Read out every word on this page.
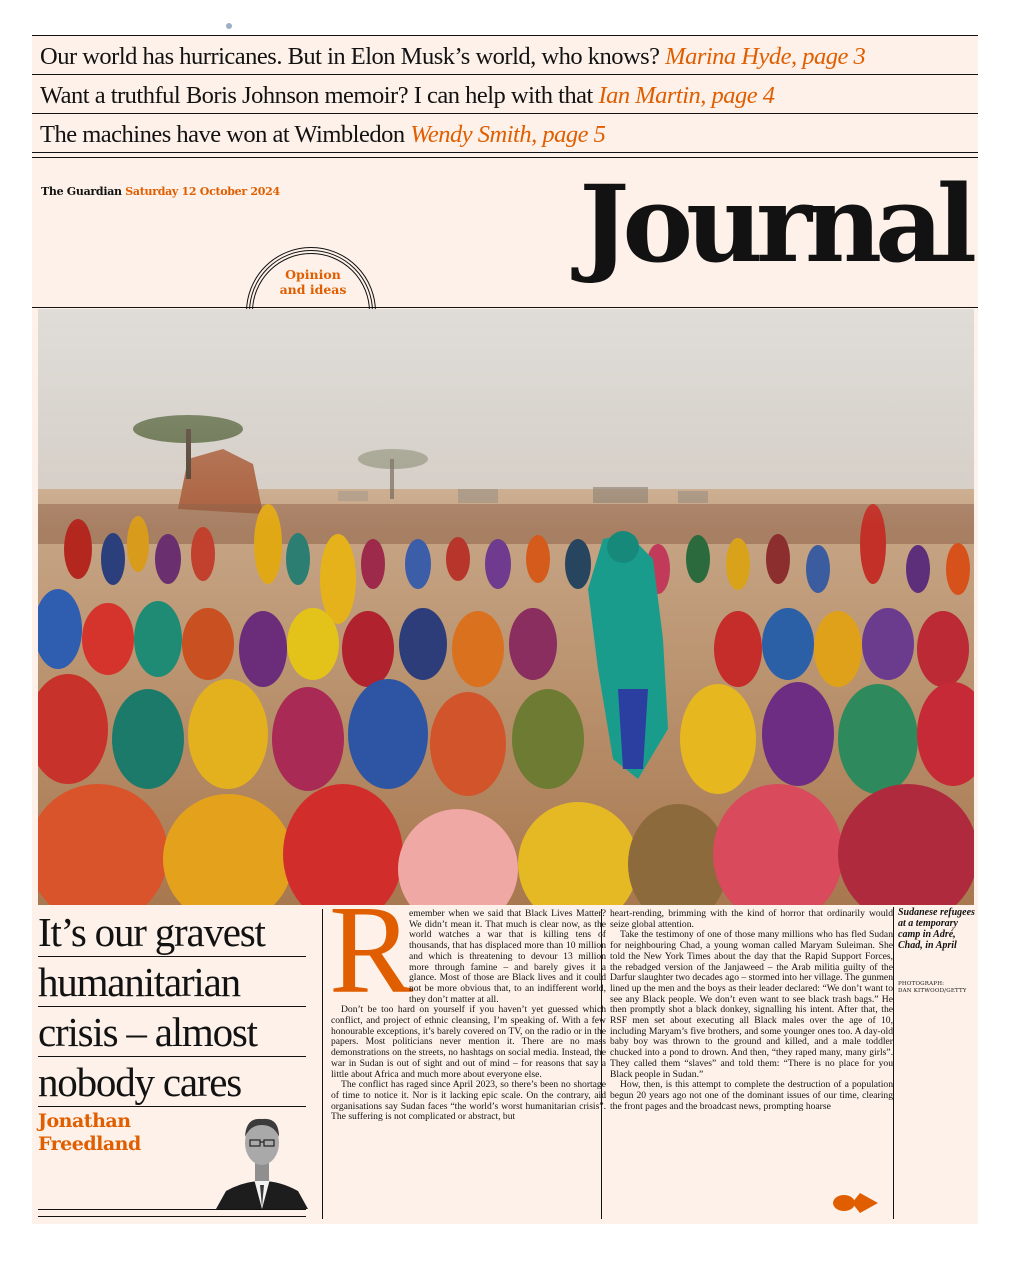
Our world has hurricanes. But in Elon Musk’s world, who knows? Marina Hyde, page 3
Want a truthful Boris Johnson memoir? I can help with that Ian Martin, page 4
The machines have won at Wimbledon Wendy Smith, page 5
The Guardian Saturday 12 October 2024	Journal
Opinion
and ideas
It’s our gravest
humanitarian
crisis – almost
nobody cares
Jonathan
Freedland
R

emember when we said that Black Lives Matter? We didn’t mean it. That much is clear now, as the world watches a war that is killing tens of thousands, that has displaced more than 10 million and which is threatening to devour 13 million more through famine – and barely gives it a glance. Most of those are Black lives and it could not be more obvious that, to an indifferent world, they don’t matter at all.

Don’t be too hard on yourself if you haven’t yet guessed which conflict, and project of ethnic cleansing, I’m speaking of. With a few honourable exceptions, it’s barely covered on TV, on the radio or in the papers. Most politicians never mention it. There are no mass demonstrations on the streets, no hashtags on social media. Instead, the war in Sudan is out of sight and out of mind – for reasons that say a little about Africa and much more about everyone else.

The conflict has raged since April 2023, so there’s been no shortage of time to notice it. Nor is it lacking epic scale. On the contrary, aid organisations say Sudan faces “the world’s worst humanitarian crisis”. The suffering is not complicated or abstract, but

heart-rending, brimming with the kind of horror that ordinarily would seize global attention.

Take the testimony of one of those many millions who has fled Sudan for neighbouring Chad, a young woman called Maryam Suleiman. She told the New York Times about the day that the Rapid Support Forces, the rebadged version of the Janjaweed – the Arab militia guilty of the Darfur slaughter two decades ago – stormed into her village. The gunmen lined up the men and the boys as their leader declared: “We don’t want to see any Black people. We don’t even want to see black trash bags.” He then promptly shot a black donkey, signalling his intent. After that, the RSF men set about executing all Black males over the age of 10, including Maryam’s five brothers, and some younger ones too. A day-old baby boy was thrown to the ground and killed, and a male toddler chucked into a pond to drown. And then, “they raped many, many girls”. They called them “slaves” and told them: “There is no place for you Black people in Sudan.”

How, then, is this attempt to complete the destruction of a population begun 20 years ago not one of the dominant issues of our time, clearing the front pages and the broadcast news, prompting hoarse

Sudanese refugees at a temporary camp in Adré, Chad, in April
PHOTOGRAPH:
DAN KITWOOD/GETTY
